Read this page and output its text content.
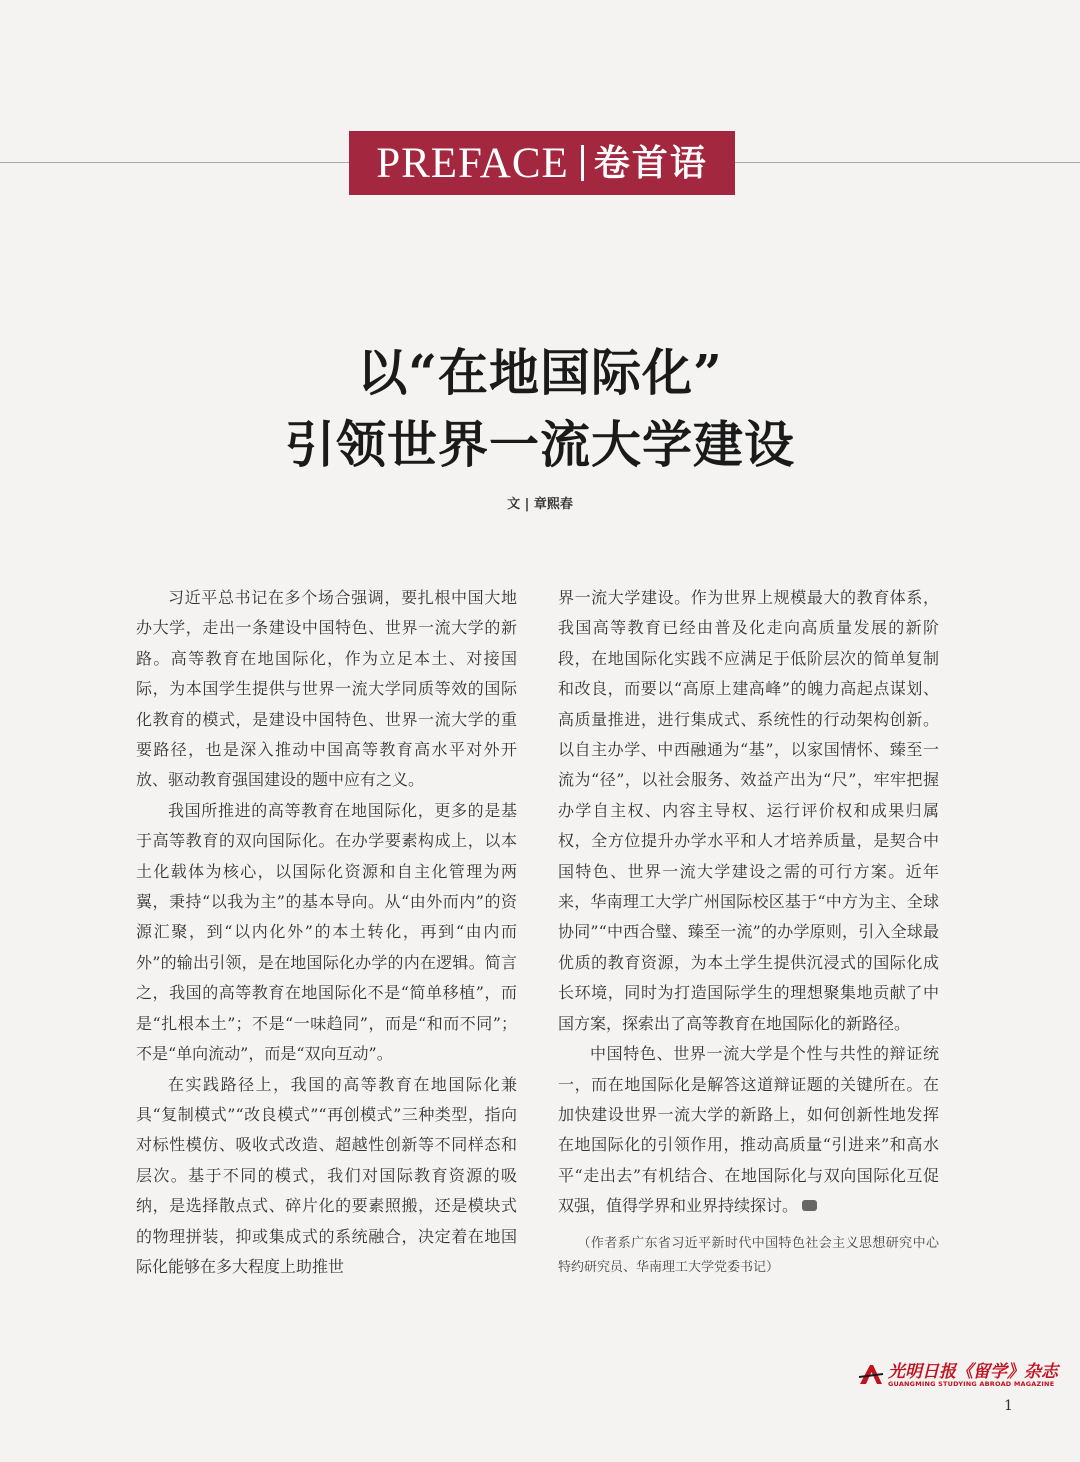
PREFACE 卷首语
以“在地国际化”
引领世界一流大学建设
文 | 章熙春

习近平总书记在多个场合强调，要扎根中国大地办大学，走出一条建设中国特色、世界一流大学的新路。高等教育在地国际化，作为立足本土、对接国际，为本国学生提供与世界一流大学同质等效的国际化教育的模式，是建设中国特色、世界一流大学的重要路径，也是深入推动中国高等教育高水平对外开放、驱动教育强国建设的题中应有之义。

我国所推进的高等教育在地国际化，更多的是基于高等教育的双向国际化。在办学要素构成上，以本土化载体为核心，以国际化资源和自主化管理为两翼，秉持“以我为主”的基本导向。从“由外而内”的资源汇聚，到“以内化外”的本土转化，再到“由内而外”的输出引领，是在地国际化办学的内在逻辑。简言之，我国的高等教育在地国际化不是“简单移植”，而是“扎根本土”；不是“一味趋同”，而是“和而不同”；不是“单向流动”，而是“双向互动”。

在实践路径上，我国的高等教育在地国际化兼具“复制模式”“改良模式”“再创模式”三种类型，指向对标性模仿、吸收式改造、超越性创新等不同样态和层次。基于不同的模式，我们对国际教育资源的吸纳，是选择散点式、碎片化的要素照搬，还是模块式的物理拼装，抑或集成式的系统融合，决定着在地国际化能够在多大程度上助推世

界一流大学建设。作为世界上规模最大的教育体系，我国高等教育已经由普及化走向高质量发展的新阶段，在地国际化实践不应满足于低阶层次的简单复制和改良，而要以“高原上建高峰”的魄力高起点谋划、高质量推进，进行集成式、系统性的行动架构创新。以自主办学、中西融通为“基”，以家国情怀、臻至一流为“径”，以社会服务、效益产出为“尺”，牢牢把握办学自主权、内容主导权、运行评价权和成果归属权，全方位提升办学水平和人才培养质量，是契合中国特色、世界一流大学建设之需的可行方案。近年来，华南理工大学广州国际校区基于“中方为主、全球协同”“中西合璧、臻至一流”的办学原则，引入全球最优质的教育资源，为本土学生提供沉浸式的国际化成长环境，同时为打造国际学生的理想聚集地贡献了中国方案，探索出了高等教育在地国际化的新路径。

中国特色、世界一流大学是个性与共性的辩证统一，而在地国际化是解答这道辩证题的关键所在。在加快建设世界一流大学的新路上，如何创新性地发挥在地国际化的引领作用，推动高质量“引进来”和高水平“走出去”有机结合、在地国际化与双向国际化互促双强，值得学界和业界持续探讨。

（作者系广东省习近平新时代中国特色社会主义思想研究中心特约研究员、华南理工大学党委书记）

光明日报《留学》杂志
GUANGMING STUDYING ABROAD MAGAZINE
1
